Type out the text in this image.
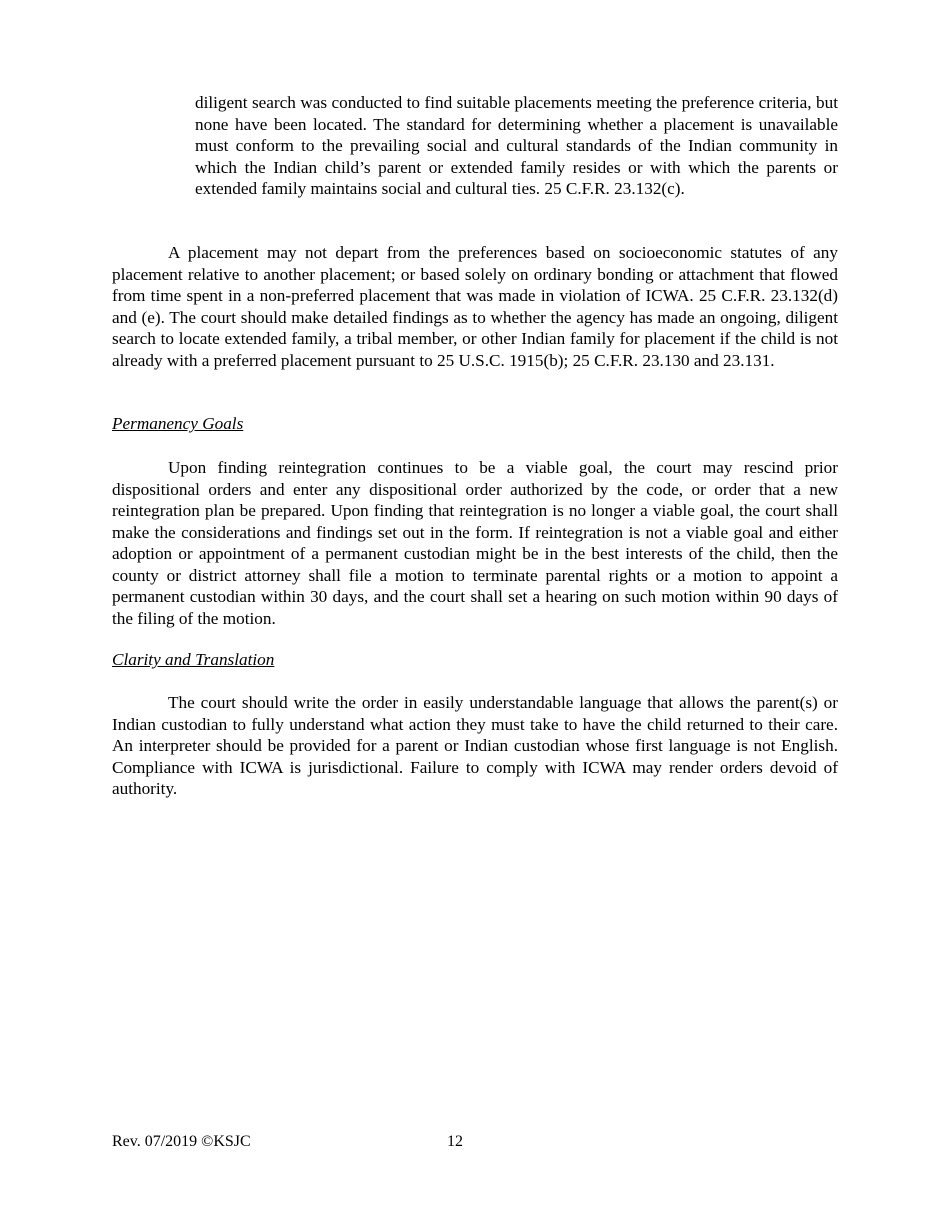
diligent search was conducted to find suitable placements meeting the preference criteria, but none have been located. The standard for determining whether a placement is unavailable must conform to the prevailing social and cultural standards of the Indian community in which the Indian child’s parent or extended family resides or with which the parents or extended family maintains social and cultural ties. 25 C.F.R. 23.132(c).

A placement may not depart from the preferences based on socioeconomic statutes of any placement relative to another placement; or based solely on ordinary bonding or attachment that flowed from time spent in a non-preferred placement that was made in violation of ICWA. 25 C.F.R. 23.132(d) and (e). The court should make detailed findings as to whether the agency has made an ongoing, diligent search to locate extended family, a tribal member, or other Indian family for placement if the child is not already with a preferred placement pursuant to 25 U.S.C. 1915(b); 25 C.F.R. 23.130 and 23.131.

Permanency Goals

Upon finding reintegration continues to be a viable goal, the court may rescind prior dispositional orders and enter any dispositional order authorized by the code, or order that a new reintegration plan be prepared. Upon finding that reintegration is no longer a viable goal, the court shall make the considerations and findings set out in the form. If reintegration is not a viable goal and either adoption or appointment of a permanent custodian might be in the best interests of the child, then the county or district attorney shall file a motion to terminate parental rights or a motion to appoint a permanent custodian within 30 days, and the court shall set a hearing on such motion within 90 days of the filing of the motion.

Clarity and Translation

The court should write the order in easily understandable language that allows the parent(s) or Indian custodian to fully understand what action they must take to have the child returned to their care. An interpreter should be provided for a parent or Indian custodian whose first language is not English. Compliance with ICWA is jurisdictional. Failure to comply with ICWA may render orders devoid of authority.

Rev. 07/2019 ©KSJC	12
